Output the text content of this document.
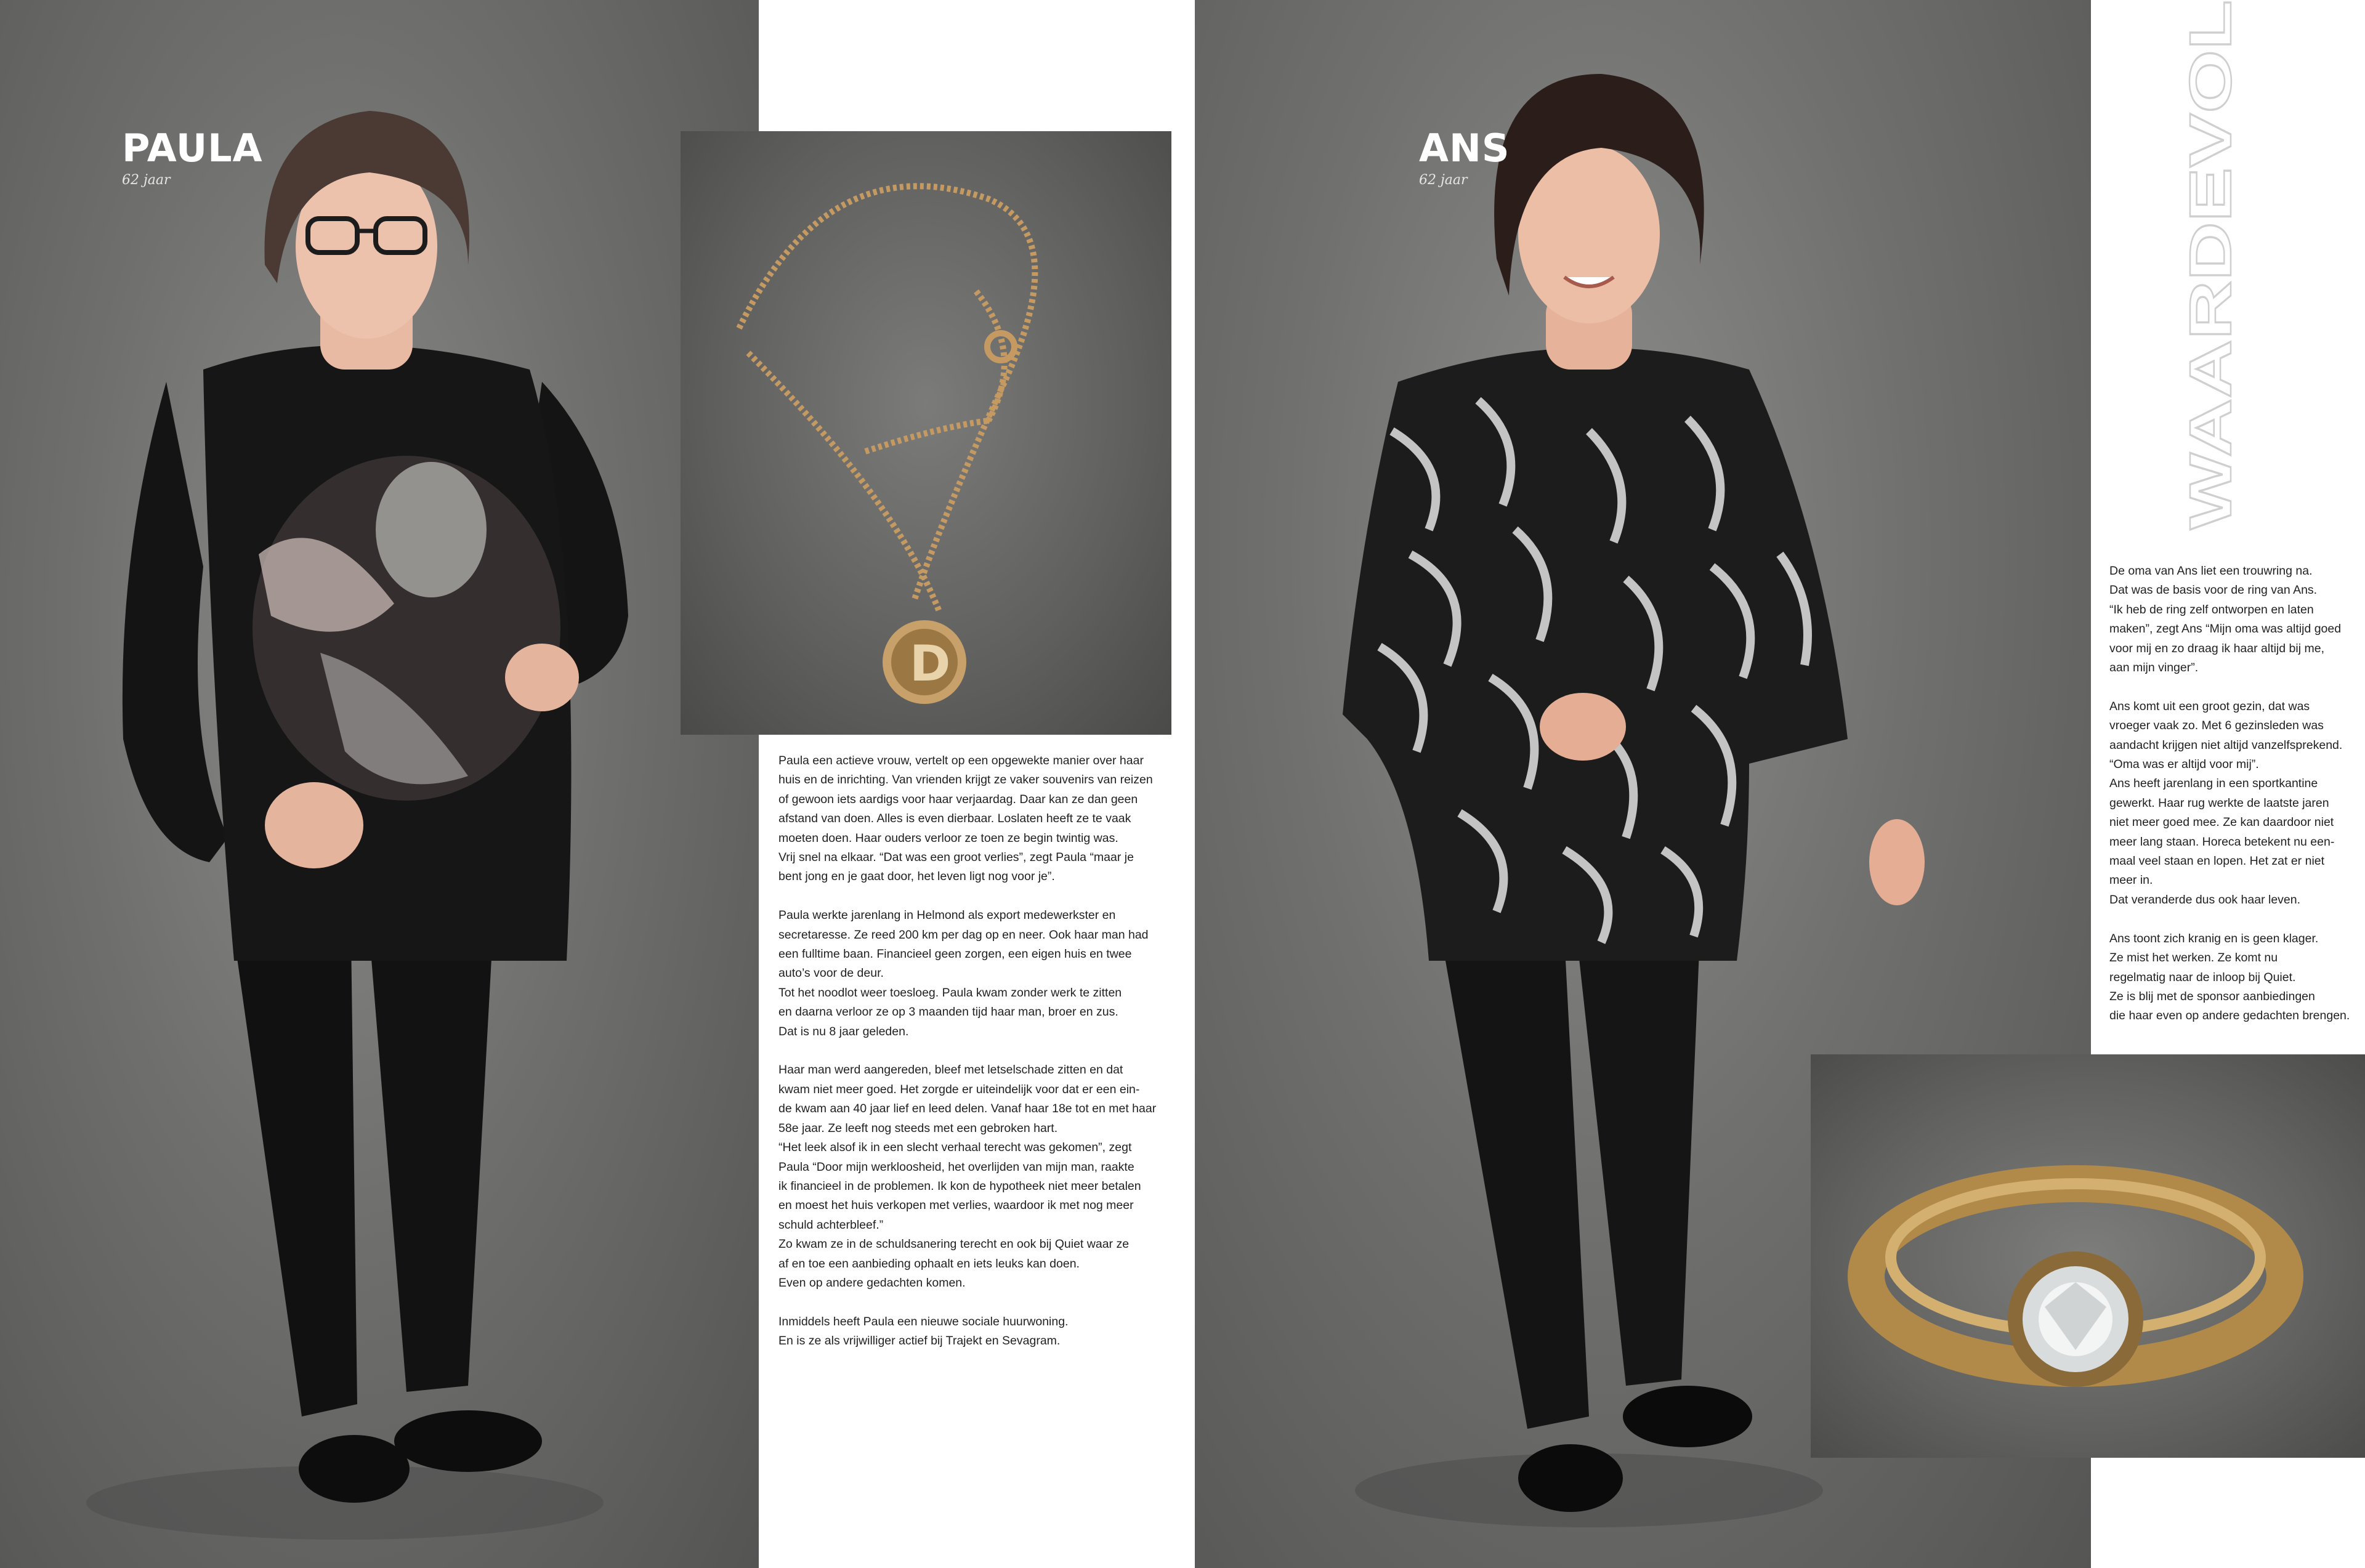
PAULA
62 jaar
D

Paula een actieve vrouw, vertelt op een opgewekte manier over haar
huis en de inrichting. Van vrienden krijgt ze vaker souvenirs van reizen
of gewoon iets aardigs voor haar verjaardag. Daar kan ze dan geen
afstand van doen. Alles is even dierbaar. Loslaten heeft ze te vaak
moeten doen. Haar ouders verloor ze toen ze begin twintig was.
Vrij snel na elkaar. “Dat was een groot verlies”, zegt Paula “maar je
bent jong en je gaat door, het leven ligt nog voor je”.

Paula werkte jarenlang in Helmond als export medewerkster en
secretaresse. Ze reed 200 km per dag op en neer. Ook haar man had
een fulltime baan. Financieel geen zorgen, een eigen huis en twee
auto’s voor de deur.
Tot het noodlot weer toesloeg. Paula kwam zonder werk te zitten
en daarna verloor ze op 3 maanden tijd haar man, broer en zus.
Dat is nu 8 jaar geleden.

Haar man werd aangereden, bleef met letselschade zitten en dat
kwam niet meer goed. Het zorgde er uiteindelijk voor dat er een ein-
de kwam aan 40 jaar lief en leed delen. Vanaf haar 18e tot en met haar
58e jaar. Ze leeft nog steeds met een gebroken hart.
“Het leek alsof ik in een slecht verhaal terecht was gekomen”, zegt
Paula “Door mijn werkloosheid, het overlijden van mijn man, raakte
ik financieel in de problemen. Ik kon de hypotheek niet meer betalen
en moest het huis verkopen met verlies, waardoor ik met nog meer
schuld achterbleef.”
Zo kwam ze in de schuldsanering terecht en ook bij Quiet waar ze
af en toe een aanbieding ophaalt en iets leuks kan doen.
Even op andere gedachten komen.

Inmiddels heeft Paula een nieuwe sociale huurwoning.
En is ze als vrijwilliger actief bij Trajekt en Sevagram.

ANS
62 jaar	WAARDEVOL

De oma van Ans liet een trouwring na.
Dat was de basis voor de ring van Ans.
“Ik heb de ring zelf ontworpen en laten
maken”, zegt Ans “Mijn oma was altijd goed
voor mij en zo draag ik haar altijd bij me,
aan mijn vinger”.

Ans komt uit een groot gezin, dat was
vroeger vaak zo. Met 6 gezinsleden was
aandacht krijgen niet altijd vanzelfsprekend.
“Oma was er altijd voor mij”.
Ans heeft jarenlang in een sportkantine
gewerkt. Haar rug werkte de laatste jaren
niet meer goed mee. Ze kan daardoor niet
meer lang staan. Horeca betekent nu een-
maal veel staan en lopen. Het zat er niet
meer in.
Dat veranderde dus ook haar leven.

Ans toont zich kranig en is geen klager.
Ze mist het werken. Ze komt nu
regelmatig naar de inloop bij Quiet.
Ze is blij met de sponsor aanbiedingen
die haar even op andere gedachten brengen.
